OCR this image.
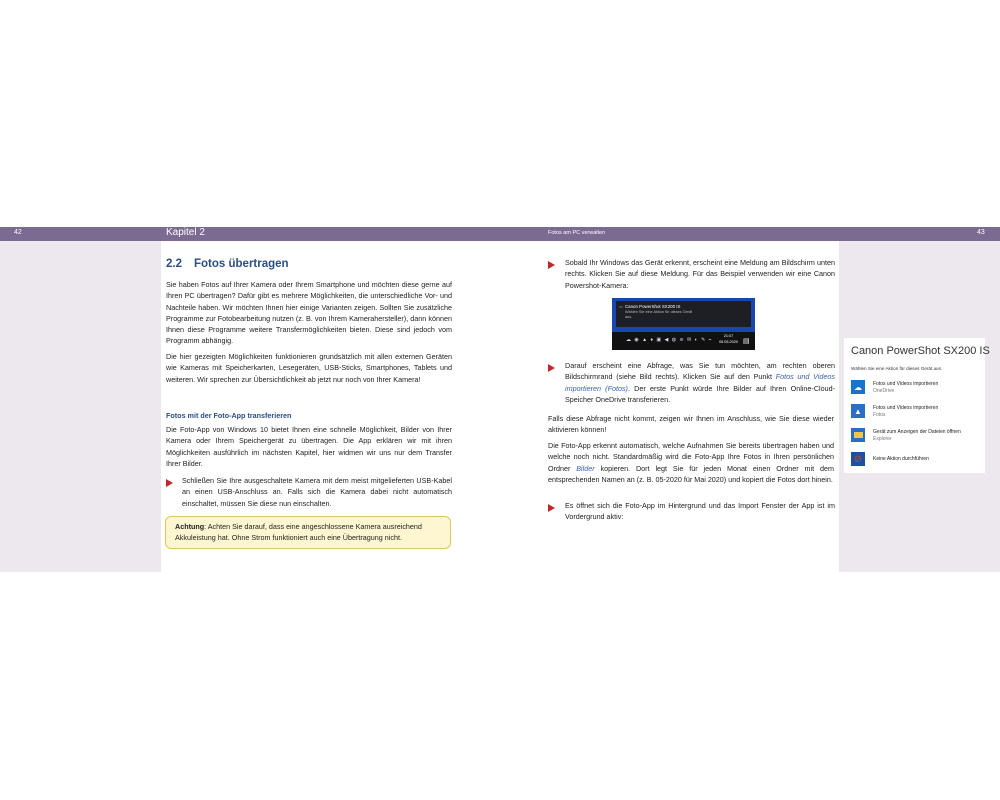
42	Kapitel 2	Fotos am PC verwalten	43
2.2 Fotos übertragen

Sie haben Fotos auf Ihrer Kamera oder Ihrem Smartphone und möchten diese gerne auf Ihren PC übertragen? Dafür gibt es mehrere Möglichkeiten, die unterschiedliche Vor- und Nachteile haben. Wir möchten Ihnen hier einige Varianten zeigen. Sollten Sie zusätzliche Programme zur Fotobearbeitung nutzen (z. B. von Ihrem Kamerahersteller), dann können Ihnen diese Programme weitere Transfermöglichkeiten bieten. Diese sind jedoch vom Programm abhängig.

Die hier gezeigten Möglichkeiten funktionieren grundsätzlich mit allen externen Geräten wie Kameras mit Speicherkarten, Lesegeräten, USB-Sticks, Smartphones, Tablets und weiteren. Wir sprechen zur Übersichtlichkeit ab jetzt nur noch von Ihrer Kamera!

Fotos mit der Foto-App transferieren

Die Foto-App von Windows 10 bietet Ihnen eine schnelle Möglichkeit, Bilder von Ihrer Kamera oder Ihrem Speichergerät zu übertragen. Die App erklären wir mit ihren Möglichkeiten ausführlich im nächsten Kapitel, hier widmen wir uns nur dem Transfer Ihrer Bilder.

Schließen Sie Ihre ausgeschaltete Kamera mit dem meist mitgelieferten USB-Kabel an einen USB-Anschluss an. Falls sich die Kamera dabei nicht automatisch einschaltet, müssen Sie diese nun einschalten.

Achtung: Achten Sie darauf, dass eine angeschlossene Kamera ausreichend Akkuleistung hat. Ohne Strom funktioniert auch eine Übertragung nicht.

Sobald Ihr Windows das Gerät erkennt, erscheint eine Meldung am Bildschirm unten rechts. Klicken Sie auf diese Meldung. Für das Beispiel verwenden wir eine Canon Powershot-Kamera:

▭ Canon PowerShot SX200 IS
Wählen Sie eine Aktion für dieses Gerät aus.
☁ ◉ ▲ ♦ ▣ ◀ ◍ ≋ ✉ ◐ ✎ ⌁
21:07
05.05.2020 ▤

Darauf erscheint eine Abfrage, was Sie tun möchten, am rechten oberen Bildschirmrand (siehe Bild rechts). Klicken Sie auf den Punkt Fotos und Videos importieren (Fotos). Der erste Punkt würde Ihre Bilder auf Ihren Online-Cloud-Speicher OneDrive transferieren.

Falls diese Abfrage nicht kommt, zeigen wir Ihnen im Anschluss, wie Sie diese wieder aktivieren können!

Die Foto-App erkennt automatisch, welche Aufnahmen Sie bereits übertragen haben und welche noch nicht. Standardmäßig wird die Foto-App Ihre Fotos in Ihren persönlichen Ordner Bilder kopieren. Dort legt Sie für jeden Monat einen Ordner mit dem entsprechenden Namen an (z. B. 05-2020 für Mai 2020) und kopiert die Fotos dort hinein.

Es öffnet sich die Foto-App im Hintergrund und das Import Fenster der App ist im Vordergrund aktiv:

Canon PowerShot SX200 IS
Wählen Sie eine Aktion für dieses Gerät aus.
☁	Fotos und Videos importieren
OneDrive
▲	Fotos und Videos importieren
Fotos
Gerät zum Anzeigen der Dateien öffnen
Explorer
⊘	Keine Aktion durchführen
